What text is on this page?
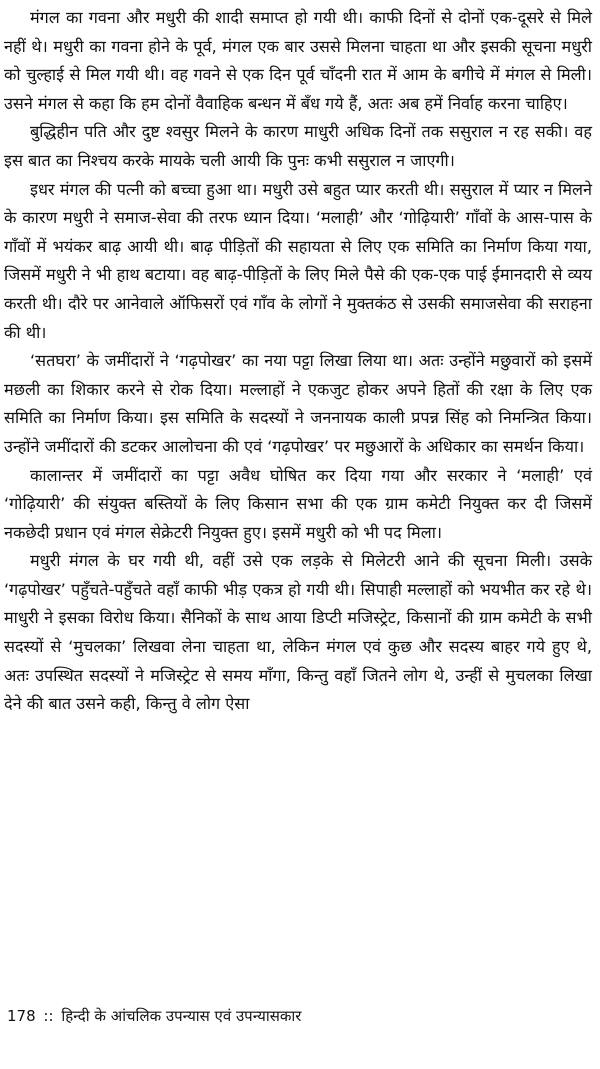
मंगल का गवना और मधुरी की शादी समाप्त हो गयी थी। काफी दिनों से दोनों एक-दूसरे से मिले नहीं थे। मधुरी का गवना होने के पूर्व, मंगल एक बार उससे मिलना चाहता था और इसकी सूचना मधुरी को चुल्हाई से मिल गयी थी। वह गवने से एक दिन पूर्व चाँदनी रात में आम के बगीचे में मंगल से मिली। उसने मंगल से कहा कि हम दोनों वैवाहिक बन्धन में बँध गये हैं, अतः अब हमें निर्वाह करना चाहिए।

बुद्धिहीन पति और दुष्ट श्वसुर मिलने के कारण माधुरी अधिक दिनों तक ससुराल न रह सकी। वह इस बात का निश्चय करके मायके चली आयी कि पुनः कभी ससुराल न जाएगी।

इधर मंगल की पत्नी को बच्चा हुआ था। मधुरी उसे बहुत प्यार करती थी। ससुराल में प्यार न मिलने के कारण मधुरी ने समाज-सेवा की तरफ ध्यान दिया। ‘मलाही’ और ‘गोढ़ियारी’ गाँवों के आस-पास के गाँवों में भयंकर बाढ़ आयी थी। बाढ़ पीड़ितों की सहायता से लिए एक समिति का निर्माण किया गया, जिसमें मधुरी ने भी हाथ बटाया। वह बाढ़-पीड़ितों के लिए मिले पैसे की एक-एक पाई ईमानदारी से व्यय करती थी। दौरे पर आनेवाले ऑफिसरों एवं गाँव के लोगों ने मुक्तकंठ से उसकी समाजसेवा की सराहना की थी।

‘सतघरा’ के जमींदारों ने ‘गढ़पोखर’ का नया पट्टा लिखा लिया था। अतः उन्होंने मछुवारों को इसमें मछली का शिकार करने से रोक दिया। मल्लाहों ने एकजुट होकर अपने हितों की रक्षा के लिए एक समिति का निर्माण किया। इस समिति के सदस्यों ने जननायक काली प्रपन्न सिंह को निमन्त्रित किया। उन्होंने जमींदारों की डटकर आलोचना की एवं ‘गढ़पोखर’ पर मछुआरों के अधिकार का समर्थन किया।

कालान्तर में जमींदारों का पट्टा अवैध घोषित कर दिया गया और सरकार ने ‘मलाही’ एवं ‘गोढ़ियारी’ की संयुक्त बस्तियों के लिए किसान सभा की एक ग्राम कमेटी नियुक्त कर दी जिसमें नकछेदी प्रधान एवं मंगल सेक्रेटरी नियुक्त हुए। इसमें मधुरी को भी पद मिला।

मधुरी मंगल के घर गयी थी, वहीं उसे एक लड़के से मिलेटरी आने की सूचना मिली। उसके ‘गढ़पोखर’ पहुँचते-पहुँचते वहाँ काफी भीड़ एकत्र हो गयी थी। सिपाही मल्लाहों को भयभीत कर रहे थे। माधुरी ने इसका विरोध किया। सैनिकों के साथ आया डिप्टी मजिस्ट्रेट, किसानों की ग्राम कमेटी के सभी सदस्यों से ‘मुचलका’ लिखवा लेना चाहता था, लेकिन मंगल एवं कुछ और सदस्य बाहर गये हुए थे, अतः उपस्थित सदस्यों ने मजिस्ट्रेट से समय माँगा, किन्तु वहाँ जितने लोग थे, उन्हीं से मुचलका लिखा देने की बात उसने कही, किन्तु वे लोग ऐसा

178 :: हिन्दी के आंचलिक उपन्यास एवं उपन्यासकार
